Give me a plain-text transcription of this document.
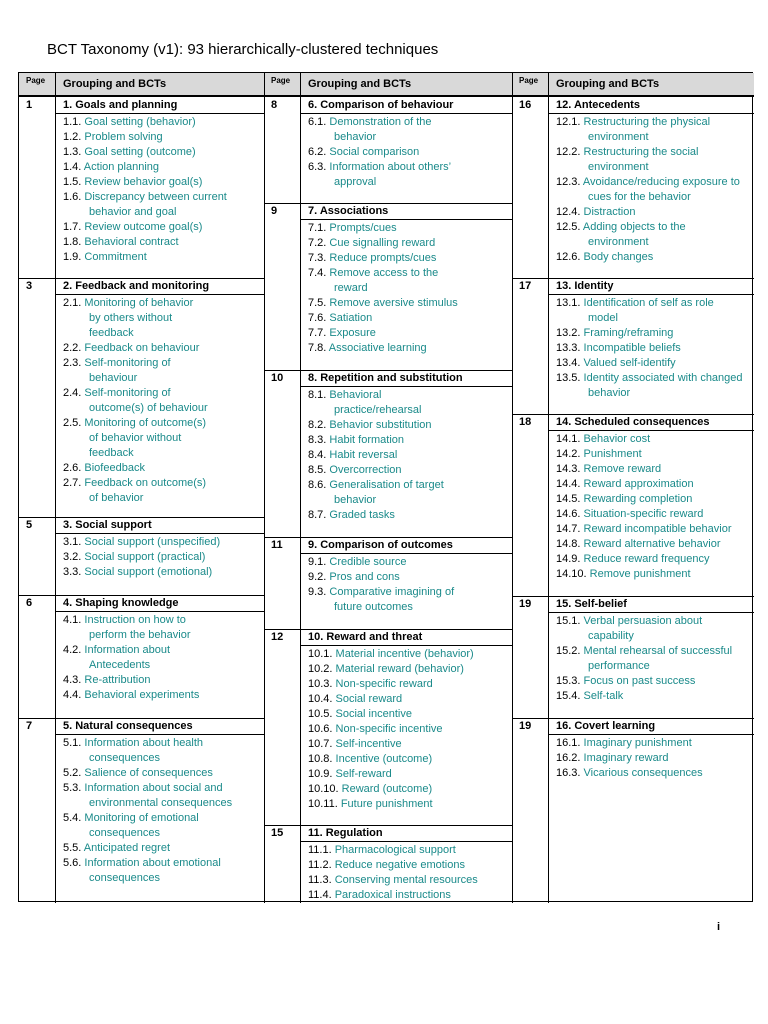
BCT Taxonomy (v1): 93 hierarchically-clustered techniques
Page Grouping and BCTs	Page Grouping and BCTs	Page Grouping and BCTs
1	1. Goals and planning
1.1. Goal setting (behavior)
1.2. Problem solving
1.3. Goal setting (outcome)
1.4. Action planning
1.5. Review behavior goal(s)
1.6. Discrepancy between current
behavior and goal
1.7. Review outcome goal(s)
1.8. Behavioral contract
1.9. Commitment
3	2. Feedback and monitoring
2.1. Monitoring of behavior
by others without
feedback
2.2. Feedback on behaviour
2.3. Self-monitoring of
behaviour
2.4. Self-monitoring of
outcome(s) of behaviour
2.5. Monitoring of outcome(s)
of behavior without
feedback
2.6. Biofeedback
2.7. Feedback on outcome(s)
of behavior
5	3. Social support
3.1. Social support (unspecified)
3.2. Social support (practical)
3.3. Social support (emotional)
6	4. Shaping knowledge
4.1. Instruction on how to
perform the behavior
4.2. Information about
Antecedents
4.3. Re-attribution
4.4. Behavioral experiments
7	5. Natural consequences
5.1. Information about health
consequences
5.2. Salience of consequences
5.3. Information about social and
environmental consequences
5.4. Monitoring of emotional
consequences
5.5. Anticipated regret
5.6. Information about emotional
consequences
8	6. Comparison of behaviour
6.1. Demonstration of the
behavior
6.2. Social comparison
6.3. Information about others’
approval
9	7. Associations
7.1. Prompts/cues
7.2. Cue signalling reward
7.3. Reduce prompts/cues
7.4. Remove access to the
reward
7.5. Remove aversive stimulus
7.6. Satiation
7.7. Exposure
7.8. Associative learning
10 8. Repetition and substitution
8.1. Behavioral
practice/rehearsal
8.2. Behavior substitution
8.3. Habit formation
8.4. Habit reversal
8.5. Overcorrection
8.6. Generalisation of target
behavior
8.7. Graded tasks
11 9. Comparison of outcomes
9.1. Credible source
9.2. Pros and cons
9.3. Comparative imagining of
future outcomes
12 10. Reward and threat
10.1. Material incentive (behavior)
10.2. Material reward (behavior)
10.3. Non-specific reward
10.4. Social reward
10.5. Social incentive
10.6. Non-specific incentive
10.7. Self-incentive
10.8. Incentive (outcome)
10.9. Self-reward
10.10. Reward (outcome)
10.11. Future punishment
15 11. Regulation
11.1. Pharmacological support
11.2. Reduce negative emotions
11.3. Conserving mental resources
11.4. Paradoxical instructions
16 12. Antecedents
12.1. Restructuring the physical
environment
12.2. Restructuring the social
environment
12.3. Avoidance/reducing exposure to
cues for the behavior
12.4. Distraction
12.5. Adding objects to the
environment
12.6. Body changes
17 13. Identity
13.1. Identification of self as role
model
13.2. Framing/reframing
13.3. Incompatible beliefs
13.4. Valued self-identify
13.5. Identity associated with changed
behavior
18 14. Scheduled consequences
14.1. Behavior cost
14.2. Punishment
14.3. Remove reward
14.4. Reward approximation
14.5. Rewarding completion
14.6. Situation-specific reward
14.7. Reward incompatible behavior
14.8. Reward alternative behavior
14.9. Reduce reward frequency
14.10. Remove punishment
19 15. Self-belief
15.1. Verbal persuasion about
capability
15.2. Mental rehearsal of successful
performance
15.3. Focus on past success
15.4. Self-talk
19 16. Covert learning
16.1. Imaginary punishment
16.2. Imaginary reward
16.3. Vicarious consequences
i
